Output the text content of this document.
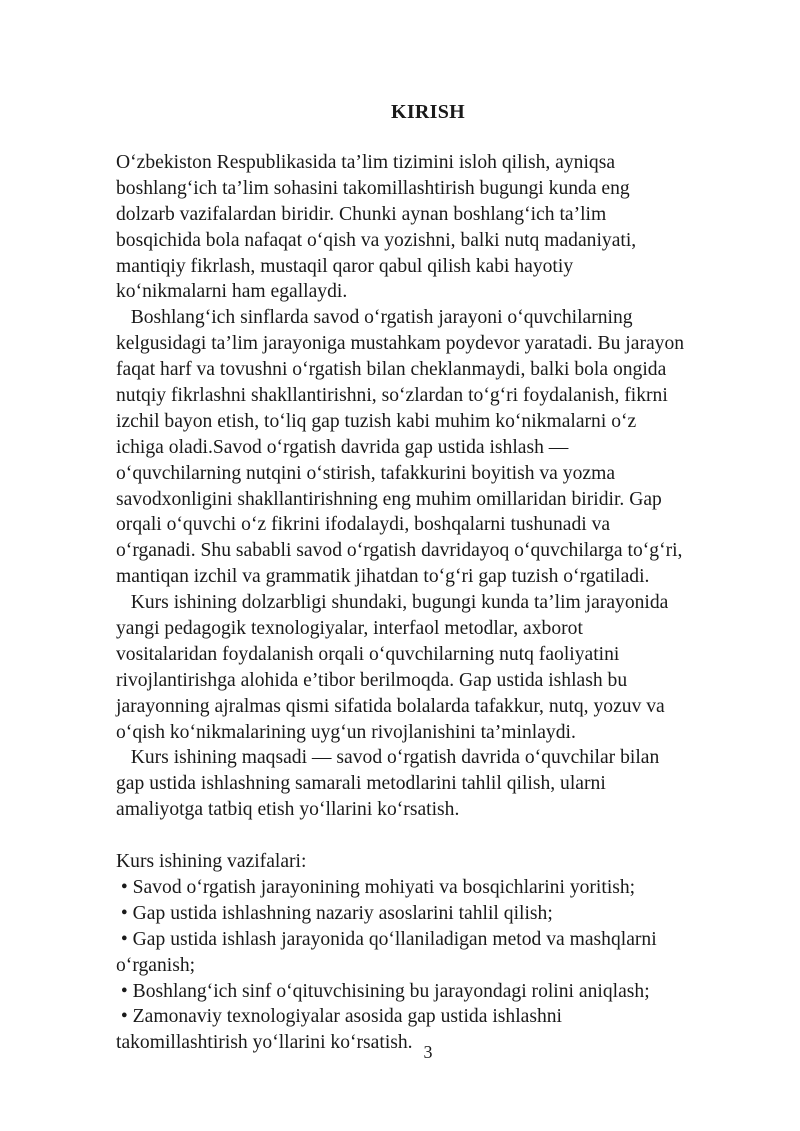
KIRISH
O‘zbekiston Respublikasida ta’lim tizimini isloh qilish, ayniqsa
boshlang‘ich ta’lim sohasini takomillashtirish bugungi kunda eng
dolzarb vazifalardan biridir. Chunki aynan boshlang‘ich ta’lim
bosqichida bola nafaqat o‘qish va yozishni, balki nutq madaniyati,
mantiqiy fikrlash, mustaqil qaror qabul qilish kabi hayotiy
ko‘nikmalarni ham egallaydi.
Boshlang‘ich sinflarda savod o‘rgatish jarayoni o‘quvchilarning
kelgusidagi ta’lim jarayoniga mustahkam poydevor yaratadi. Bu jarayon
faqat harf va tovushni o‘rgatish bilan cheklanmaydi, balki bola ongida
nutqiy fikrlashni shakllantirishni, so‘zlardan to‘g‘ri foydalanish, fikrni
izchil bayon etish, to‘liq gap tuzish kabi muhim ko‘nikmalarni o‘z
ichiga oladi.Savod o‘rgatish davrida gap ustida ishlash —
o‘quvchilarning nutqini o‘stirish, tafakkurini boyitish va yozma
savodxonligini shakllantirishning eng muhim omillaridan biridir. Gap
orqali o‘quvchi o‘z fikrini ifodalaydi, boshqalarni tushunadi va
o‘rganadi. Shu sababli savod o‘rgatish davridayoq o‘quvchilarga to‘g‘ri,
mantiqan izchil va grammatik jihatdan to‘g‘ri gap tuzish o‘rgatiladi.
Kurs ishining dolzarbligi shundaki, bugungi kunda ta’lim jarayonida
yangi pedagogik texnologiyalar, interfaol metodlar, axborot
vositalaridan foydalanish orqali o‘quvchilarning nutq faoliyatini
rivojlantirishga alohida e’tibor berilmoqda. Gap ustida ishlash bu
jarayonning ajralmas qismi sifatida bolalarda tafakkur, nutq, yozuv va
o‘qish ko‘nikmalarining uyg‘un rivojlanishini ta’minlaydi.
Kurs ishining maqsadi — savod o‘rgatish davrida o‘quvchilar bilan
gap ustida ishlashning samarali metodlarini tahlil qilish, ularni
amaliyotga tatbiq etish yo‘llarini ko‘rsatish.
Kurs ishining vazifalari:
• Savod o‘rgatish jarayonining mohiyati va bosqichlarini yoritish;
• Gap ustida ishlashning nazariy asoslarini tahlil qilish;
• Gap ustida ishlash jarayonida qo‘llaniladigan metod va mashqlarni
o‘rganish;
• Boshlang‘ich sinf o‘qituvchisining bu jarayondagi rolini aniqlash;
• Zamonaviy texnologiyalar asosida gap ustida ishlashni
takomillashtirish yo‘llarini ko‘rsatish. 3
